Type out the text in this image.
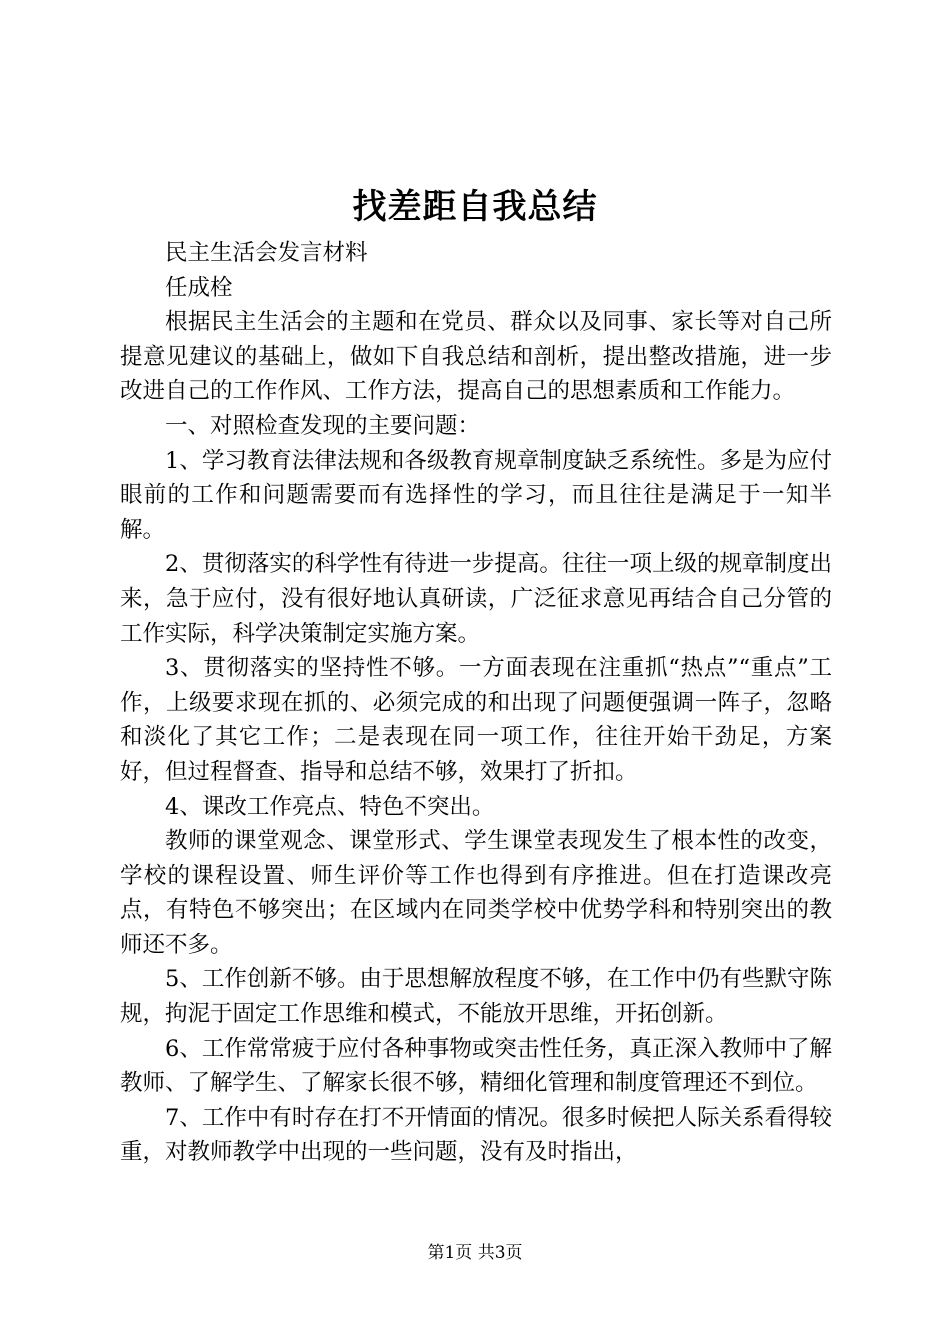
找差距自我总结

民主生活会发言材料

任成栓

根据民主生活会的主题和在党员、群众以及同事、家长等对自己所提意见建议的基础上，做如下自我总结和剖析，提出整改措施，进一步改进自己的工作作风、工作方法，提高自己的思想素质和工作能力。

一、对照检查发现的主要问题：

1、学习教育法律法规和各级教育规章制度缺乏系统性。多是为应付眼前的工作和问题需要而有选择性的学习，而且往往是满足于一知半解。

2、贯彻落实的科学性有待进一步提高。往往一项上级的规章制度出来，急于应付，没有很好地认真研读，广泛征求意见再结合自己分管的工作实际，科学决策制定实施方案。

3、贯彻落实的坚持性不够。一方面表现在注重抓“热点”“重点”工作，上级要求现在抓的、必须完成的和出现了问题便强调一阵子，忽略和淡化了其它工作；二是表现在同一项工作，往往开始干劲足，方案好，但过程督查、指导和总结不够，效果打了折扣。

4、课改工作亮点、特色不突出。

教师的课堂观念、课堂形式、学生课堂表现发生了根本性的改变，学校的课程设置、师生评价等工作也得到有序推进。但在打造课改亮点，有特色不够突出；在区域内在同类学校中优势学科和特别突出的教师还不多。

5、工作创新不够。由于思想解放程度不够，在工作中仍有些默守陈规，拘泥于固定工作思维和模式，不能放开思维，开拓创新。

6、工作常常疲于应付各种事物或突击性任务，真正深入教师中了解教师、了解学生、了解家长很不够，精细化管理和制度管理还不到位。

7、工作中有时存在打不开情面的情况。很多时候把人际关系看得较重，对教师教学中出现的一些问题，没有及时指出，

第1页 共3页
